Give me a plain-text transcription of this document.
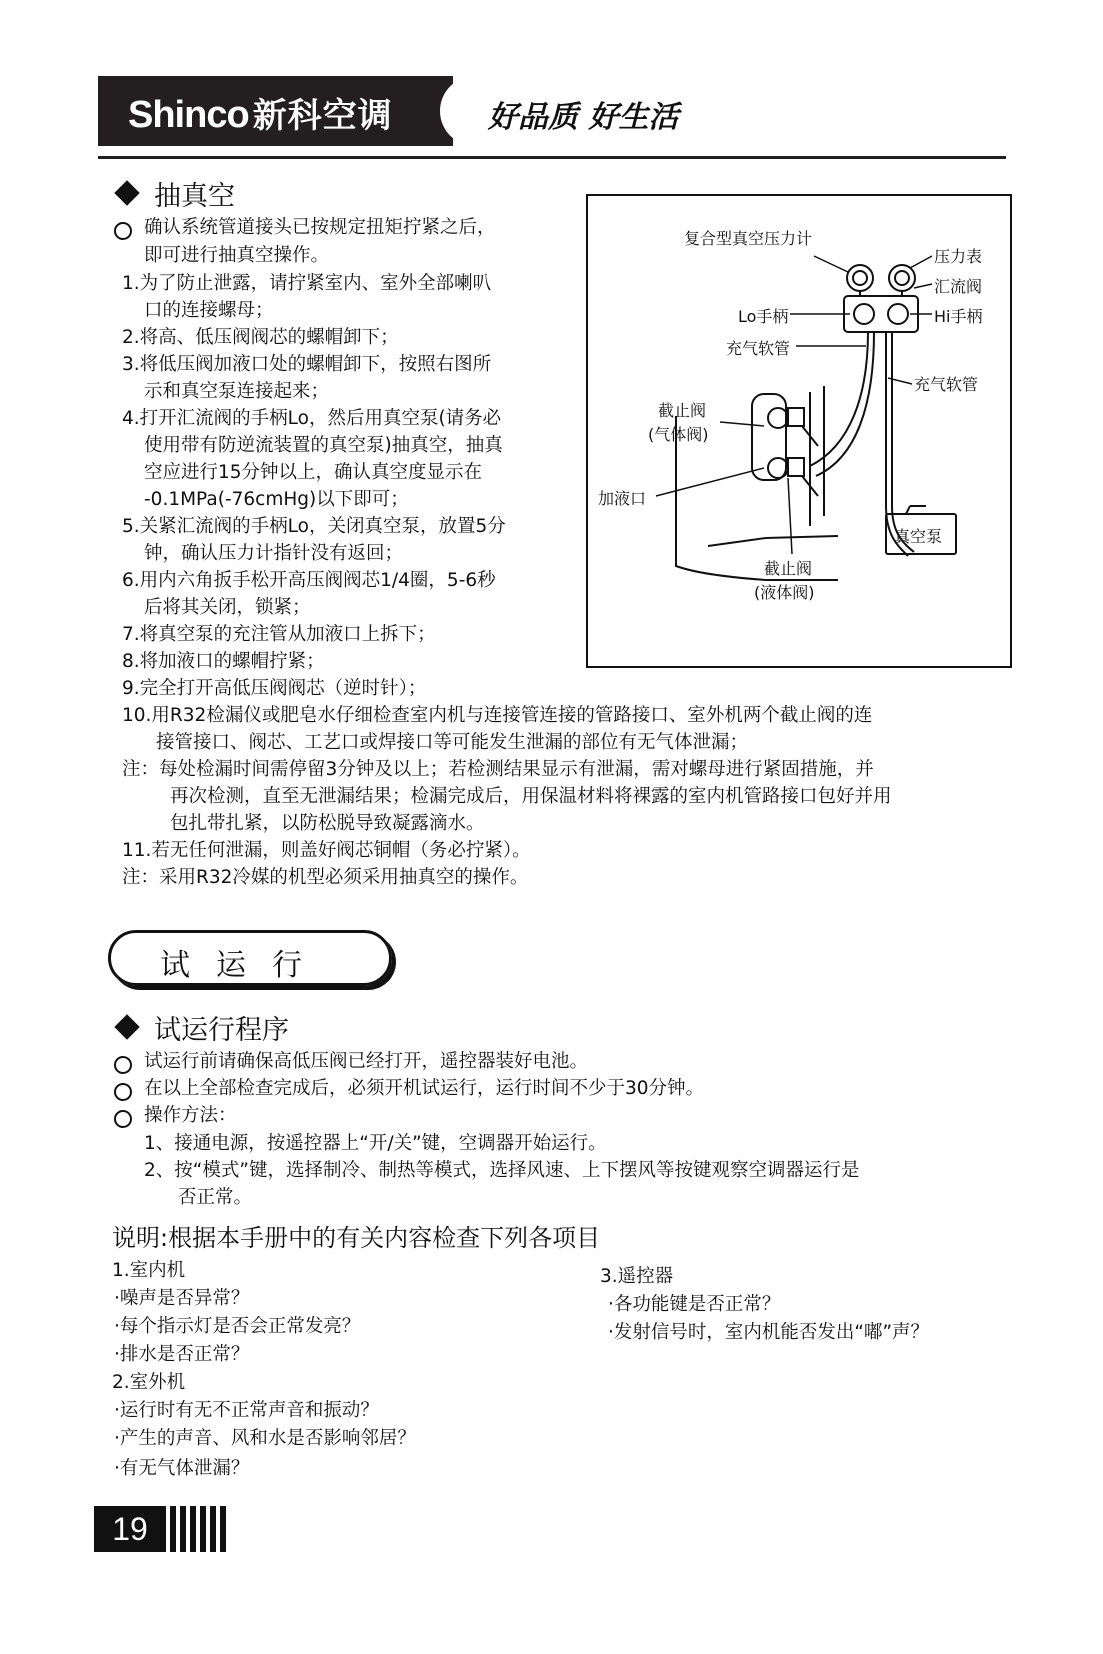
Shinco 新科空调	好品质 好生活
抽真空
确认系统管道接头已按规定扭矩拧紧之后，
即可进行抽真空操作。
1.为了防止泄露，请拧紧室内、室外全部喇叭
口的连接螺母；
2.将高、低压阀阀芯的螺帽卸下；
3.将低压阀加液口处的螺帽卸下，按照右图所
示和真空泵连接起来；
4.打开汇流阀的手柄Lo，然后用真空泵(请务必
使用带有防逆流装置的真空泵)抽真空，抽真
空应进行15分钟以上，确认真空度显示在
-0.1MPa(-76cmHg)以下即可；
5.关紧汇流阀的手柄Lo，关闭真空泵，放置5分
钟，确认压力计指针没有返回；
6.用内六角扳手松开高压阀阀芯1/4圈，5-6秒
后将其关闭，锁紧；
7.将真空泵的充注管从加液口上拆下；
8.将加液口的螺帽拧紧；
9.完全打开高低压阀阀芯（逆时针）；
10.用R32检漏仪或肥皂水仔细检查室内机与连接管连接的管路接口、室外机两个截止阀的连
接管接口、阀芯、工艺口或焊接口等可能发生泄漏的部位有无气体泄漏；
注：每处检漏时间需停留3分钟及以上；若检测结果显示有泄漏，需对螺母进行紧固措施，并
再次检测，直至无泄漏结果；检漏完成后，用保温材料将裸露的室内机管路接口包好并用
包扎带扎紧，以防松脱导致凝露滴水。
11.若无任何泄漏，则盖好阀芯铜帽（务必拧紧）。
注：采用R32冷媒的机型必须采用抽真空的操作。
复合型真空压力计
压力表
汇流阀
Lo手柄	Hi手柄
充气软管
充气软管
截止阀
(气体阀)
加液口
真空泵
截止阀
(液体阀)
试运行
试运行程序
试运行前请确保高低压阀已经打开，遥控器装好电池。
在以上全部检查完成后，必须开机试运行，运行时间不少于30分钟。
操作方法：
1、接通电源，按遥控器上“开/关”键，空调器开始运行。
2、按“模式”键，选择制冷、制热等模式，选择风速、上下摆风等按键观察空调器运行是
否正常。
说明:根据本手册中的有关内容检查下列各项目
1.室内机
·噪声是否异常？
·每个指示灯是否会正常发亮？
·排水是否正常？
2.室外机
·运行时有无不正常声音和振动？
·产生的声音、风和水是否影响邻居？
·有无气体泄漏？
3.遥控器
·各功能键是否正常？
·发射信号时，室内机能否发出“嘟”声？
19
